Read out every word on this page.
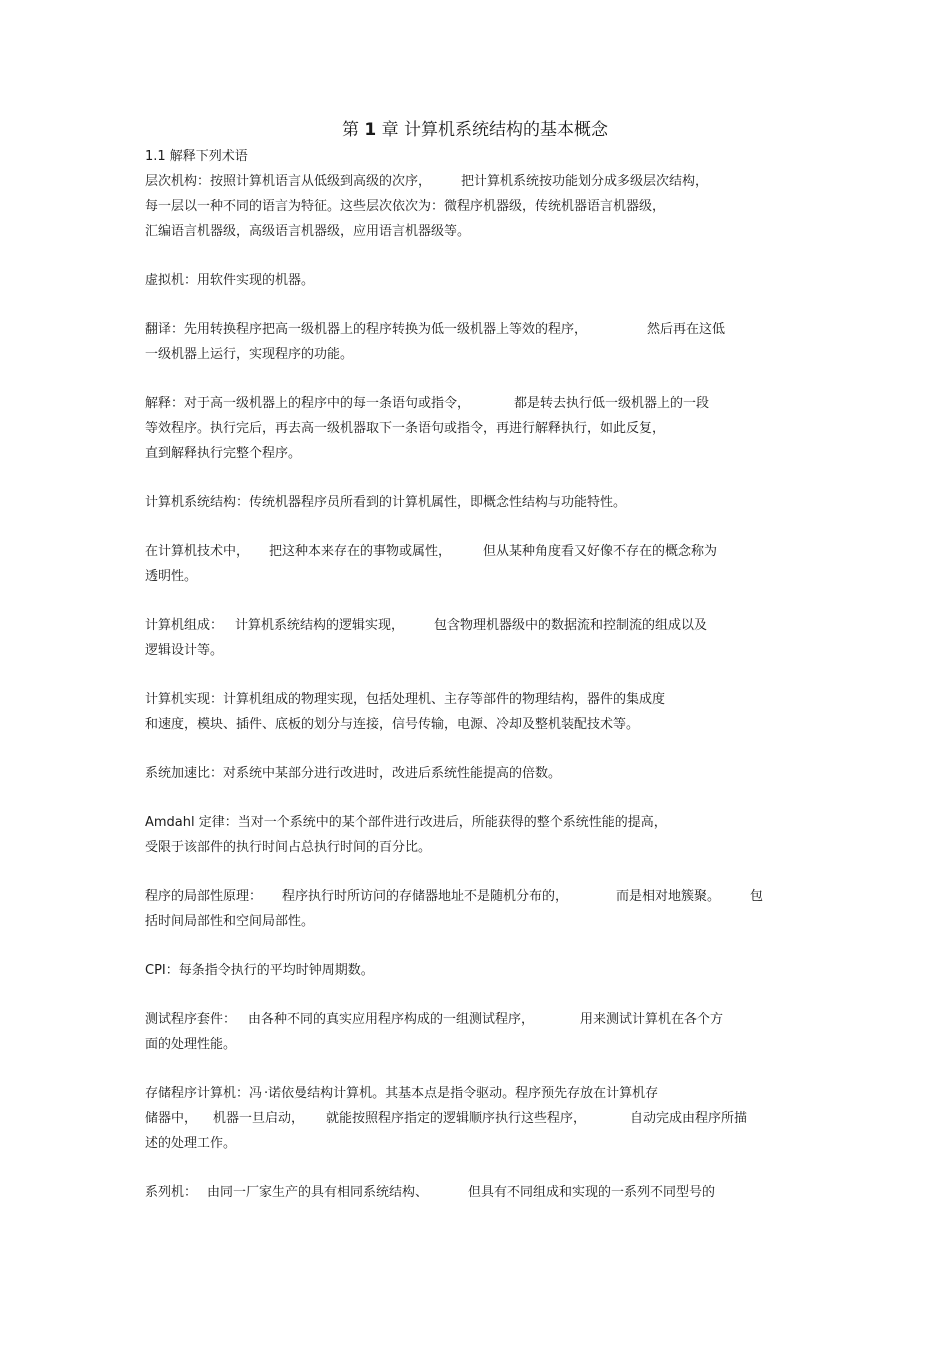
第 1 章 计算机系统结构的基本概念
1.1 解释下列术语
层次机构：按照计算机语言从低级到高级的次序， 把计算机系统按功能划分成多级层次结构，
每一层以一种不同的语言为特征。这些层次依次为：微程序机器级，传统机器语言机器级，
汇编语言机器级，高级语言机器级，应用语言机器级等。
虚拟机：用软件实现的机器。
翻译：先用转换程序把高一级机器上的程序转换为低一级机器上等效的程序，	然后再在这低
一级机器上运行，实现程序的功能。
解释：对于高一级机器上的程序中的每一条语句或指令，	都是转去执行低一级机器上的一段
等效程序。执行完后，再去高一级机器取下一条语句或指令，再进行解释执行，如此反复，
直到解释执行完整个程序。
计算机系统结构：传统机器程序员所看到的计算机属性，即概念性结构与功能特性。
在计算机技术中， 把这种本来存在的事物或属性， 但从某种角度看又好像不存在的概念称为
透明性。
计算机组成： 计算机系统结构的逻辑实现， 包含物理机器级中的数据流和控制流的组成以及
逻辑设计等。
计算机实现：计算机组成的物理实现，包括处理机、主存等部件的物理结构，器件的集成度
和速度，模块、插件、底板的划分与连接，信号传输，电源、冷却及整机装配技术等。
系统加速比：对系统中某部分进行改进时，改进后系统性能提高的倍数。
Amdahl 定律：当对一个系统中的某个部件进行改进后，所能获得的整个系统性能的提高，
受限于该部件的执行时间占总执行时间的百分比。
程序的局部性原理： 程序执行时所访问的存储器地址不是随机分布的，	而是相对地簇聚。 包
括时间局部性和空间局部性。
CPI：每条指令执行的平均时钟周期数。
测试程序套件： 由各种不同的真实应用程序构成的一组测试程序，	用来测试计算机在各个方
面的处理性能。
存储程序计算机：冯 ·诺依曼结构计算机。其基本点是指令驱动。程序预先存放在计算机存
储器中， 机器一旦启动， 就能按照程序指定的逻辑顺序执行这些程序，	自动完成由程序所描
述的处理工作。
系列机： 由同一厂家生产的具有相同系统结构、	但具有不同组成和实现的一系列不同型号的
